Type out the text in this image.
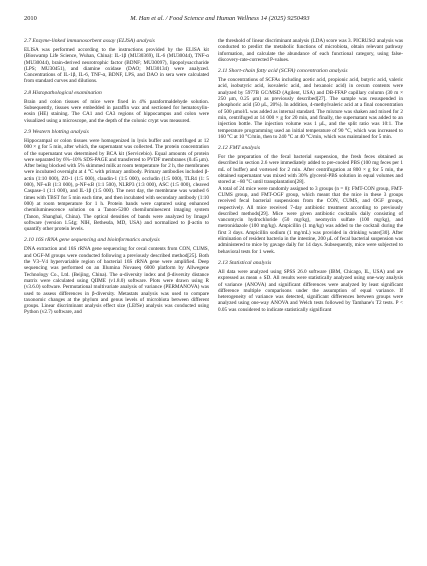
2010	M. Han et al. / Food Science and Human Wellness 14 (2025) 9250493
2.7 Enzyme-linked immunosorbent assay (ELISA) analysis

ELISA was performed according to the instructions provided by the ELISA kit (Bioswamp Life Science, Wuhan, China): IL-1β (MU30369), IL-6 (MU30044), TNF-α (MU30044), brain-derived neurotrophic factor (BDNF; MU30097), lipopolysaccharide (LPS; MU30451), and diamine oxidase (DAO; MU30134) were analyzed. Concentrations of IL-1β, IL-6, TNF-α, BDNF, LPS, and DAO in sera were calculated from standard curves and dilutions.

2.8 Histopathological examination

Brain and colon tissues of mice were fixed in 4% paraformaldehyde solution. Subsequently, tissues were embedded in paraffin wax and sectioned for hematoxylin-eosin (HE) staining. The CA1 and CA3 regions of hippocampus and colon were visualized using a microscope, and the depth of the colonic crypt was measured.

2.9 Western blotting analysis

Hippocampal or colon tissues were homogenized in lysis buffer and centrifuged at 12 000 × g for 5 min, after which, the supernatant was collected. The protein concentration of the supernatant was determined by BCA kit (Servicebio). Equal amounts of protein were separated by 6%–10% SDS-PAGE and transferred to PVDF membranes (0.45 μm). After being blocked with 5% skimmed milk at room temperature for 2 h, the membranes were incubated overnight at 4 °C with primary antibody. Primary antibodies included β-actin (1:10 000), ZO-1 (1:5 000), claudin-1 (1:5 000), occludin (1:5 000), TLR4 (1: 5 000), NF-κB (1:3 000), p-NF-κB (1:1 500), NLRP3 (1:3 000), ASC (1:5 000), cleaved Caspase-1 (1:1 000), and IL-1β (1:5 000). The next day, the membrane was washed 6 times with TBST for 5 min each time, and then incubated with secondary antibody (1:10 000) at room temperature for 1 h. Protein bands were captured using enhanced chemiluminescence solution on a Tanon-5200 chemiluminescent imaging system (Tanon, Shanghai, China). The optical densities of bands were analyzed by ImageJ software (version 1.54g; NIH, Bethesda, MD, USA) and normalized to β-actin to quantify other protein levels.

2.10 16S rRNA gene sequencing and bioinformatics analysis

DNA extraction and 16S rRNA gene sequencing for cecal contents from CON, CUMS, and OGF-M groups were conducted following a previously described method[25]. Both the V3–V4 hypervariable region of bacterial 16S rRNA gene were amplified. Deep sequencing was performed on an Illumina Novaseq 6000 platform by Allwegene Technology Co., Ltd. (Beijing, China). The α-diversity index and β-diversity distance matrix were calculated using QIIME (v1.8.0) software. Plots were drawn using R (v3.6.0) software. Permutational multivariate analysis of variance (PERMANOVA) was used to assess differences in β-diversity. Metastats analysis was used to compare taxonomic changes at the phylum and genus levels of microbiota between different groups. Linear discriminant analysis effect size (LEfSe) analysis was conducted using Python (v2.7) software, and

the threshold of linear discriminant analysis (LDA) score was 3. PICRUSt2 analysis was conducted to predict the metabolic functions of microbiota, obtain relevant pathway information, and calculate the abundance of each functional category, using false-discovery-rate-corrected P-values.

2.11 Short-chain fatty acid (SCFA) concentration analysis

The concentrations of SCFAs including acetic acid, propionic acid, butyric acid, valeric acid, isobutyric acid, isovaleric acid, and hexanoic acid) in cecum contents were analyzed by 5977B GC/MSD (Agilent, USA) and DB-FFAP capillary column (30 m × 250 μm, 0.25 μm) as previously described[27]. The sample was resuspended in phosphoric acid (50 μL, 20%). In addition, 4-methylvaleric acid at a final concentration of 500 μmol/L was added as internal standard. The mixture was shaken and mixed for 2 min, centrifuged at 14 000 × g for 20 min, and finally, the supernatant was added to an injection bottle. The injection volume was 1 μL, and the split ratio was 10:1. The temperature programming used an initial temperature of 90 °C, which was increased to 160 °C at 10 °C/min, then to 240 °C at 40 °C/min, which was maintained for 5 min.

2.12 FMT analysis

For the preparation of the fecal bacterial suspension, the fresh feces obtained as described in section 2.6 were immediately added to pre-cooled PBS (100 mg feces per 1 mL of buffer) and vortexed for 2 min. After centrifugation at 800 × g for 5 min, the obtained supernatant was mixed with 30% glycerol-PBS solution in equal volumes and stored at −80 °C until transplantation[28].

A total of 24 mice were randomly assigned to 3 groups (n = 8): FMT-CON group, FMT-CUMS group, and FMT-OGF group, which meant that the mice in these 3 groups received fecal bacterial suspensions from the CON, CUMS, and OGF groups, respectively. All mice received 7-day antibiotic treatment according to previously described methods[29]. Mice were given antibiotic cocktails daily consisting of vancomycin hydrochloride (50 mg/kg), neomycin sulfate (100 mg/kg), and metronidazole (100 mg/kg). Ampicillin (1 mg/kg) was added to the cocktail during the first 3 days. Ampicillin sodium (1 mg/mL) was provided in drinking water[30]. After elimination of resident bacteria in the intestine, 200 μL of fecal bacterial suspension was administered to mice by gavage daily for 14 days. Subsequently, mice were subjected to behavioral tests for 1 week.

2.13 Statistical analysis

All data were analyzed using SPSS 26.0 software (IBM, Chicago, IL, USA) and are expressed as mean ± SD. All results were statistically analyzed using one-way analysis of variance (ANOVA) and significant differences were analyzed by least significant difference multiple comparisons under the assumption of equal variance. If heterogeneity of variance was detected, significant differences between groups were analyzed using one-way ANOVA and Welch tests followed by Tamhane's T2 tests. P < 0.05 was considered to indicate statistically significant
